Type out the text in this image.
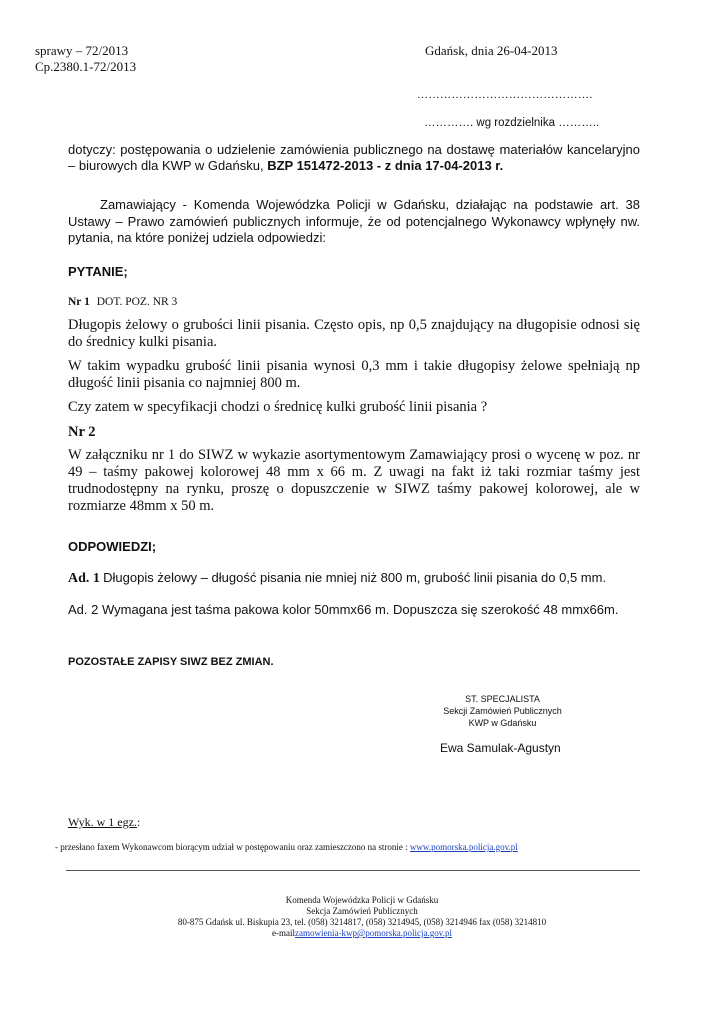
sprawy – 72/2013
Cp.2380.1-72/2013
Gdańsk, dnia 26-04-2013
……………………………………….
…………. wg rozdzielnika ………..
dotyczy: postępowania o udzielenie zamówienia publicznego na dostawę materiałów kancelaryjno – biurowych dla KWP w Gdańsku, BZP 151472-2013 - z dnia 17-04-2013 r.
Zamawiający - Komenda Wojewódzka Policji w Gdańsku, działając na podstawie art. 38 Ustawy – Prawo zamówień publicznych informuje, że od potencjalnego Wykonawcy wpłynęły nw. pytania, na które poniżej udziela odpowiedzi:
PYTANIE;
Nr 1 DOT. POZ. NR 3
Długopis żelowy o grubości linii pisania. Często opis, np 0,5 znajdujący na długopisie odnosi się do średnicy kulki pisania.
W takim wypadku grubość linii pisania wynosi 0,3 mm i takie długopisy żelowe spełniają np długość linii pisania co najmniej 800 m.
Czy zatem w specyfikacji chodzi o średnicę kulki grubość linii pisania ?
Nr 2
W załączniku nr 1 do SIWZ w wykazie asortymentowym Zamawiający prosi o wycenę w poz. nr 49 – taśmy pakowej kolorowej 48 mm x 66 m. Z uwagi na fakt iż taki rozmiar taśmy jest trudnodostępny na rynku, proszę o dopuszczenie w SIWZ taśmy pakowej kolorowej, ale w rozmiarze 48mm x 50 m.
ODPOWIEDZI;
Ad. 1 Długopis żelowy – długość pisania nie mniej niż 800 m, grubość linii pisania do 0,5 mm.
Ad. 2 Wymagana jest taśma pakowa kolor 50mmx66 m. Dopuszcza się szerokość 48 mmx66m.
POZOSTAŁE ZAPISY SIWZ BEZ ZMIAN.
ST. SPECJALISTA
Sekcji Zamówień Publicznych
KWP w Gdańsku
Ewa Samulak-Agustyn
Wyk. w 1 egz.:
- przesłano faxem Wykonawcom biorącym udział w postępowaniu oraz zamieszczono na stronie : www.pomorska.policja.gov.pl
Komenda Wojewódzka Policji w Gdańsku
Sekcja Zamówień Publicznych
80-875 Gdańsk ul. Biskupia 23, tel. (058) 3214817, (058) 3214945, (058) 3214946 fax (058) 3214810
e-mailzamowienia-kwp@pomorska.policja.gov.pl
